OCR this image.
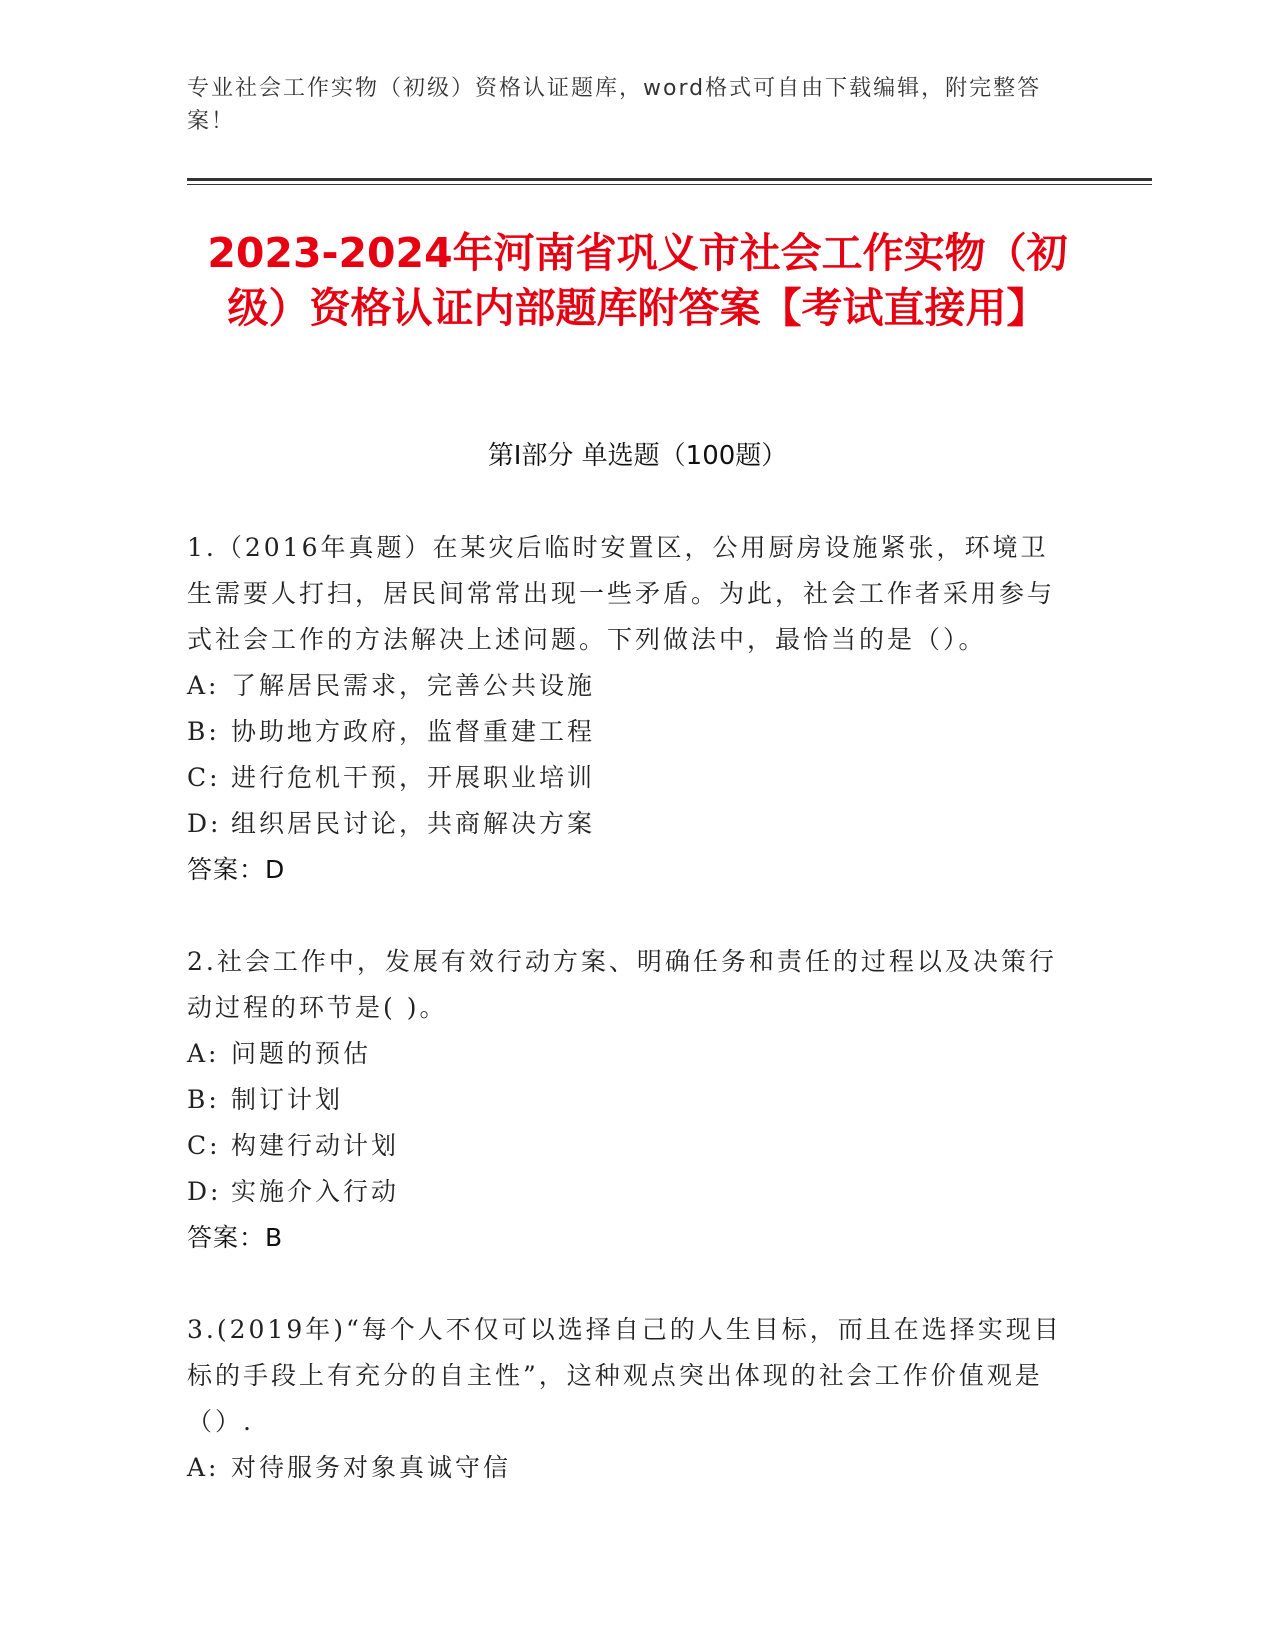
专业社会工作实物（初级）资格认证题库，word格式可自由下载编辑，附完整答案！
2023-2024年河南省巩义市社会工作实物（初级）资格认证内部题库附答案【考试直接用】
第I部分 单选题（100题）
1.（2016年真题）在某灾后临时安置区，公用厨房设施紧张，环境卫生需要人打扫，居民间常常出现一些矛盾。为此，社会工作者采用参与式社会工作的方法解决上述问题。下列做法中，最恰当的是（）。
A: 了解居民需求，完善公共设施
B: 协助地方政府，监督重建工程
C: 进行危机干预，开展职业培训
D: 组织居民讨论，共商解决方案
答案：D
2.社会工作中，发展有效行动方案、明确任务和责任的过程以及决策行动过程的环节是( )。
A: 问题的预估
B: 制订计划
C: 构建行动计划
D: 实施介入行动
答案：B
3.(2019年)“每个人不仅可以选择自己的人生目标，而且在选择实现目标的手段上有充分的自主性”，这种观点突出体现的社会工作价值观是（）.
A: 对待服务对象真诚守信
